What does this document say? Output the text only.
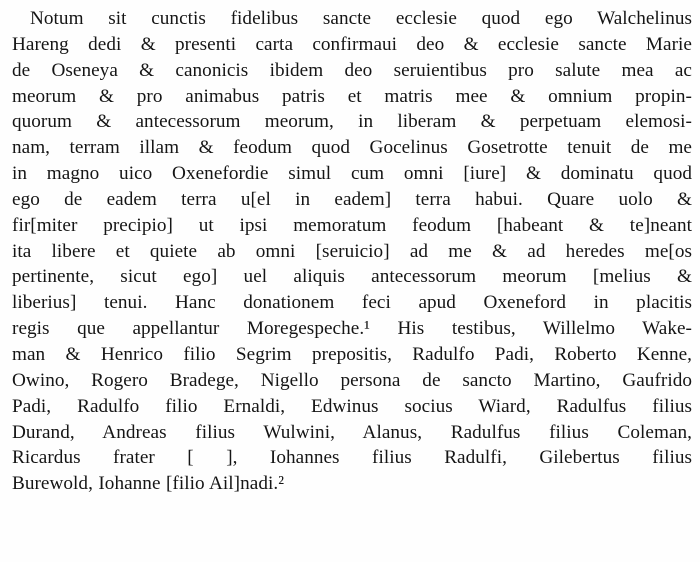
Notum sit cunctis fidelibus sancte ecclesie quod ego Walchelinus
Hareng dedi & presenti carta confirmaui deo & ecclesie sancte Marie
de Oseneya & canonicis ibidem deo seruientibus pro salute mea ac
meorum & pro animabus patris et matris mee & omnium propin-
quorum & antecessorum meorum, in liberam & perpetuam elemosi-
nam, terram illam & feodum quod Gocelinus Gosetrotte tenuit de me
in magno uico Oxenefordie simul cum omni [iure] & dominatu quod
ego de eadem terra u[el in eadem] terra habui. Quare uolo &
fir[miter precipio] ut ipsi memoratum feodum [habeant & te]neant
ita libere et quiete ab omni [seruicio] ad me & ad heredes me[os
pertinente, sicut ego] uel aliquis antecessorum meorum [melius &
liberius] tenui. Hanc donationem feci apud Oxeneford in placitis
regis que appellantur Moregespeche.¹ His testibus, Willelmo Wake-
man & Henrico filio Segrim prepositis, Radulfo Padi, Roberto Kenne,
Owino, Rogero Bradege, Nigello persona de sancto Martino, Gaufrido
Padi, Radulfo filio Ernaldi, Edwinus socius Wiard, Radulfus filius
Durand, Andreas filius Wulwini, Alanus, Radulfus filius Coleman,
Ricardus frater [ ], Iohannes filius Radulfi, Gilebertus filius
Burewold, Iohanne [filio Ail]nadi.²
